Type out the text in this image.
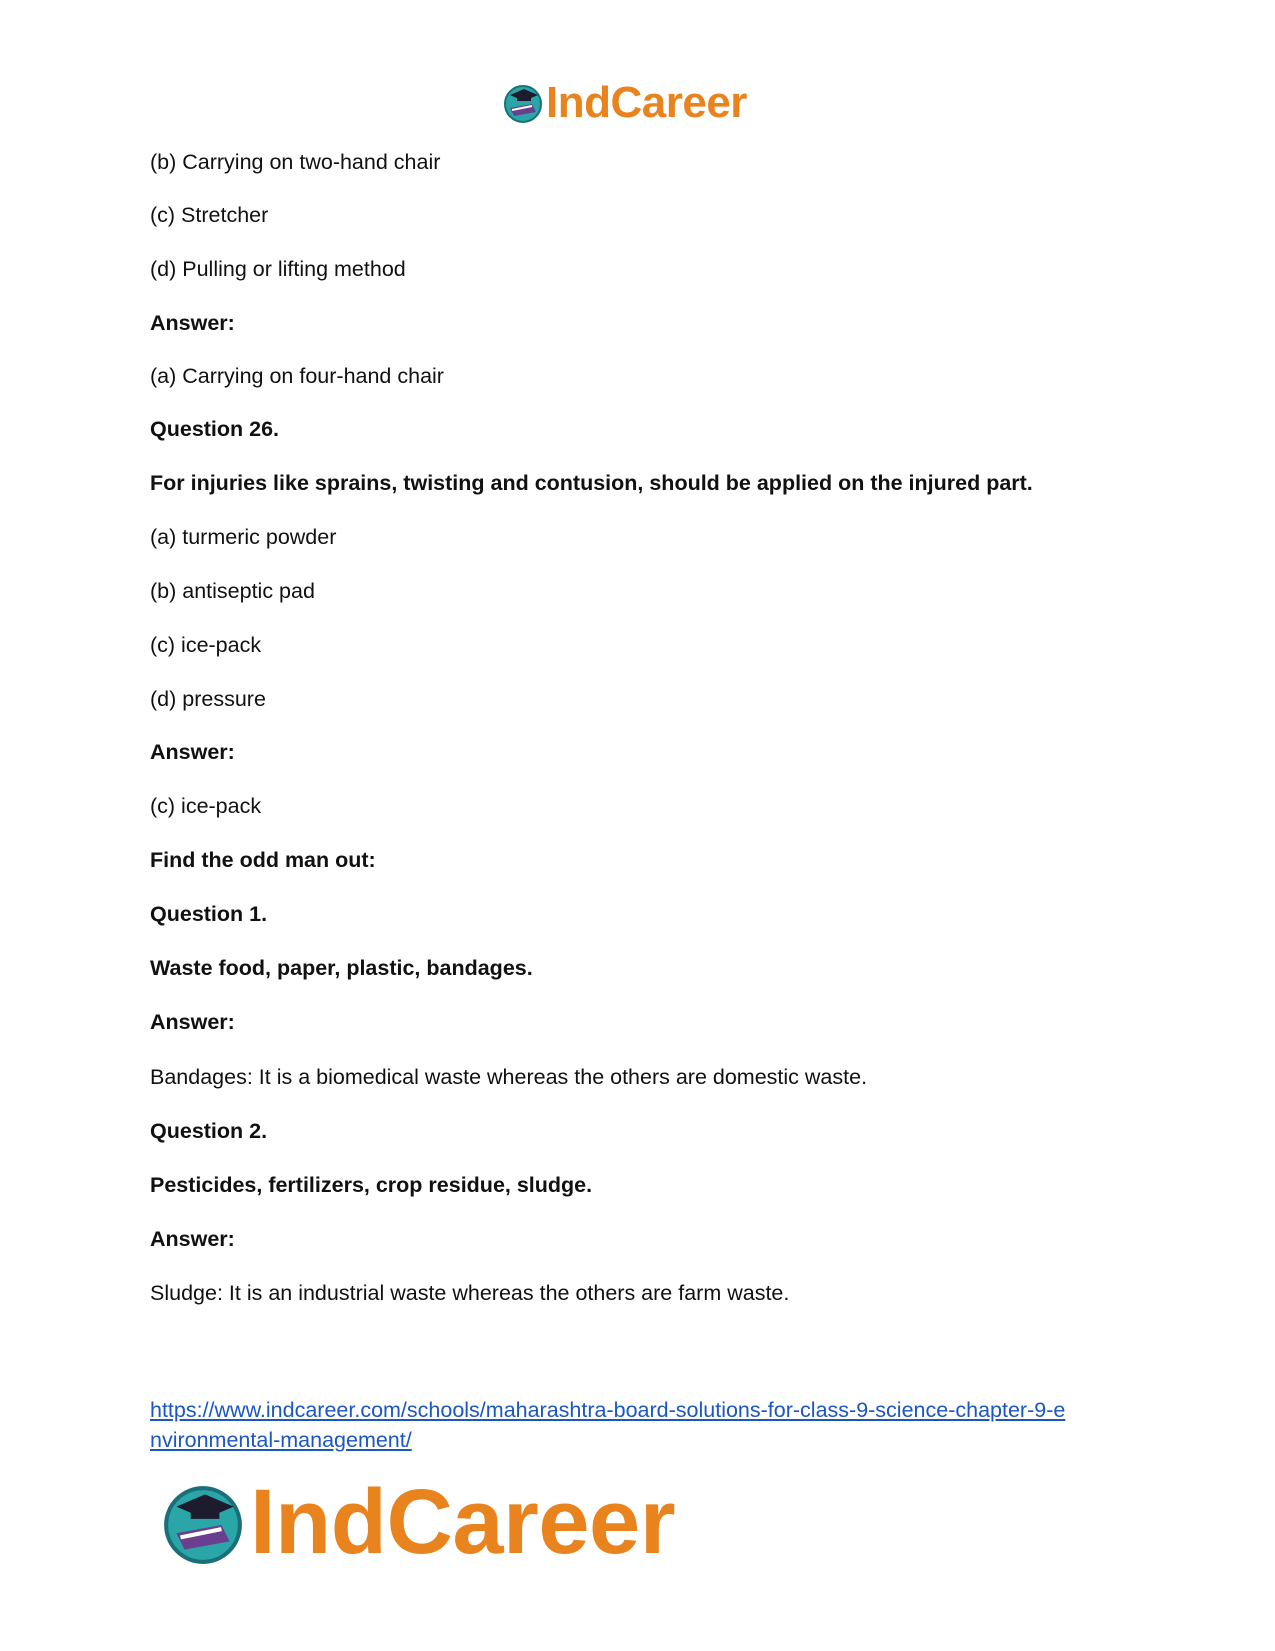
IndCareer
(b) Carrying on two-hand chair
(c) Stretcher
(d) Pulling or lifting method
Answer:
(a) Carrying on four-hand chair
Question 26.
For injuries like sprains, twisting and contusion, should be applied on the injured part.
(a) turmeric powder
(b) antiseptic pad
(c) ice-pack
(d) pressure
Answer:
(c) ice-pack
Find the odd man out:
Question 1.
Waste food, paper, plastic, bandages.
Answer:
Bandages: It is a biomedical waste whereas the others are domestic waste.
Question 2.
Pesticides, fertilizers, crop residue, sludge.
Answer:
Sludge: It is an industrial waste whereas the others are farm waste.
https://www.indcareer.com/schools/maharashtra-board-solutions-for-class-9-science-chapter-9-e
nvironmental-management/
IndCareer
